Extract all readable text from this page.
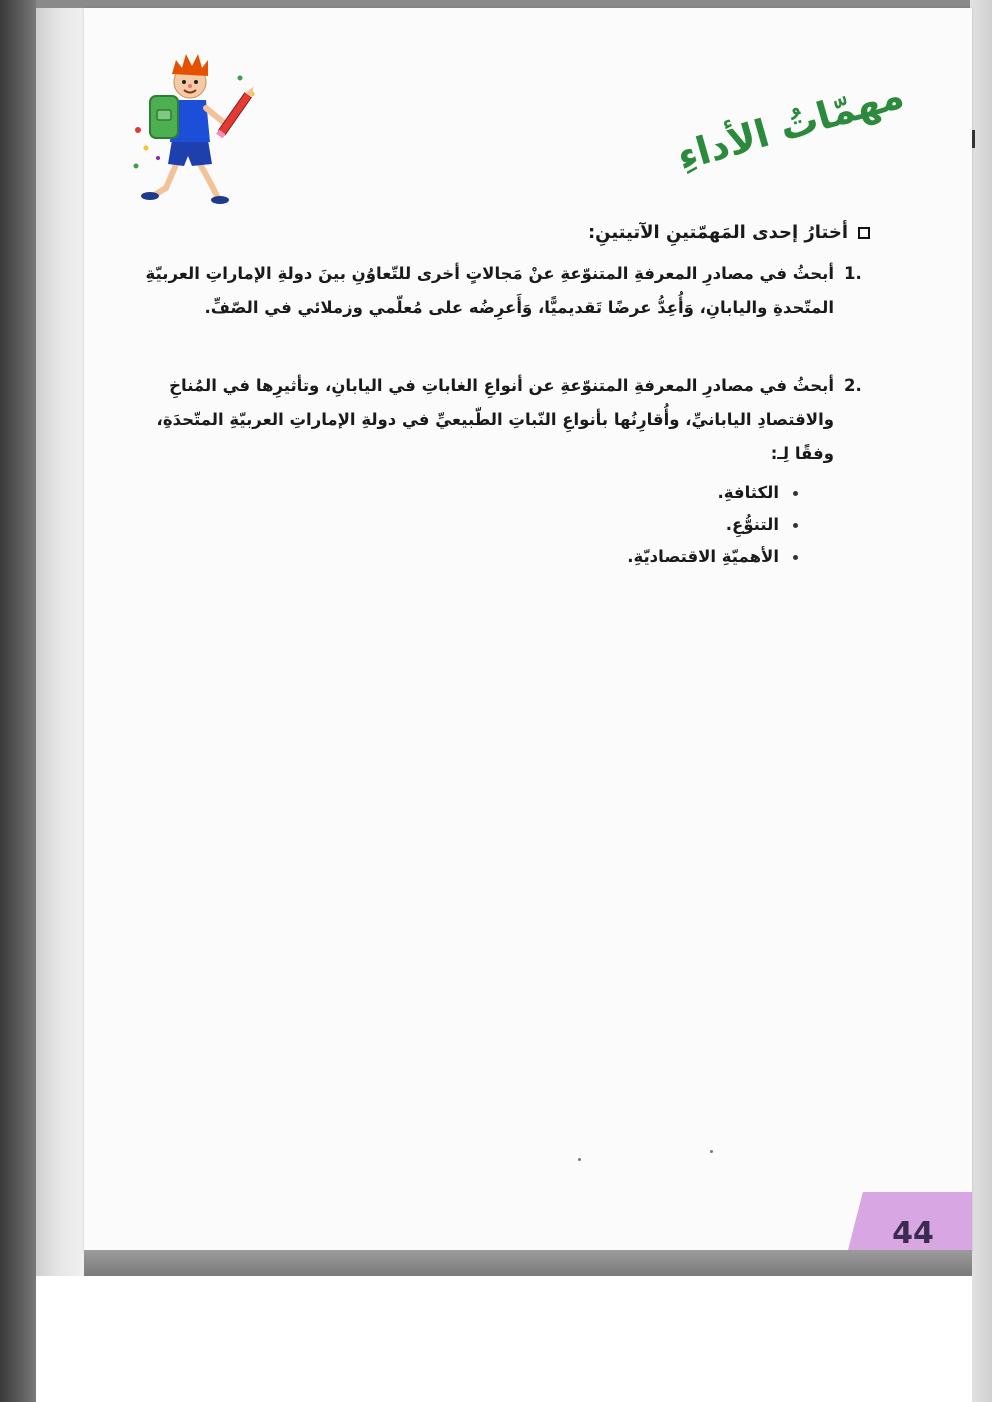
مهمّاتُ الأداءِ
أختارُ إحدى المَهمّتينِ الآتيتينِ:
1.
أبحثُ في مصادرِ المعرفةِ المتنوّعةِ عنْ مَجالاتٍ أخرى للتّعاوُنِ بينَ دولةِ الإماراتِ العربيّةِ المتّحدةِ واليابانِ، وَأُعِدُّ عرضًا تَقديميًّا، وَأَعرِضُه على مُعلّمي وزملائي في الصّفِّ.
2.
أبحثُ في مصادرِ المعرفةِ المتنوّعةِ عن أنواعِ الغاباتِ في اليابانِ، وتأثيرِها في المُناخِ والاقتصادِ اليابانيِّ، وأُقارِنُها بأنواعِ النّباتِ الطّبيعيِّ في دولةِ الإماراتِ العربيّةِ المتّحدَةِ، وفقًا لِـ:
الكثافةِ.
التنوُّعِ.
الأهميّةِ الاقتصاديّةِ.
44
